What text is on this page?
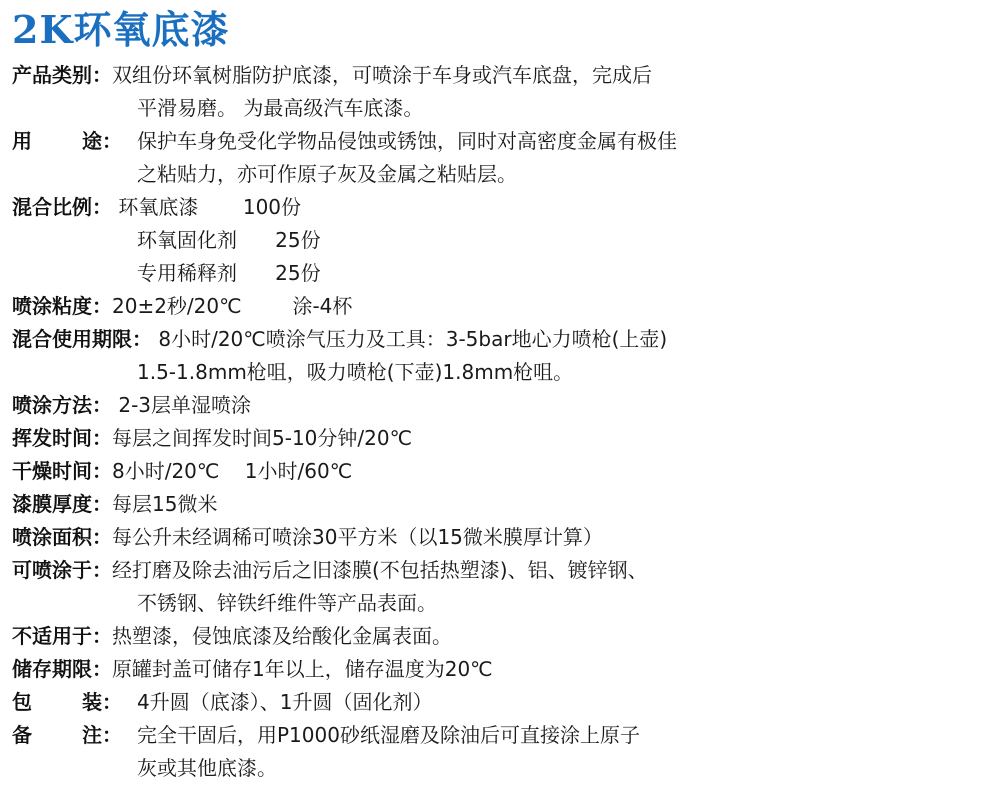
2K环氧底漆
产品类别： 双组份环氧树脂防护底漆，可喷涂于车身或汽车底盘，完成后
平滑易磨。 为最高级汽车底漆。
用	途： 保护车身免受化学物品侵蚀或锈蚀，同时对高密度金属有极佳
之粘贴力，亦可作原子灰及金属之粘贴层。
混合比例： 环氧底漆       100份
环氧固化剂      25份
专用稀释剂      25份
喷涂粘度： 20±2秒/20℃        涂-4杯
混合使用期限： 8小时/20℃喷涂气压力及工具：3-5bar地心力喷枪(上壶)
1.5-1.8mm枪咀，吸力喷枪(下壶)1.8mm枪咀。
喷涂方法： 2-3层单湿喷涂
挥发时间： 每层之间挥发时间5-10分钟/20℃
干燥时间： 8小时/20℃    1小时/60℃
漆膜厚度： 每层15微米
喷涂面积： 每公升未经调稀可喷涂30平方米（以15微米膜厚计算）
可喷涂于： 经打磨及除去油污后之旧漆膜(不包括热塑漆)、铝、镀锌钢、
不锈钢、锌铁纤维件等产品表面。
不适用于： 热塑漆，侵蚀底漆及给酸化金属表面。
储存期限： 原罐封盖可储存1年以上，储存温度为20℃
包	装： 4升圆（底漆）、1升圆（固化剂）
备	注： 完全干固后，用P1000砂纸湿磨及除油后可直接涂上原子
灰或其他底漆。
